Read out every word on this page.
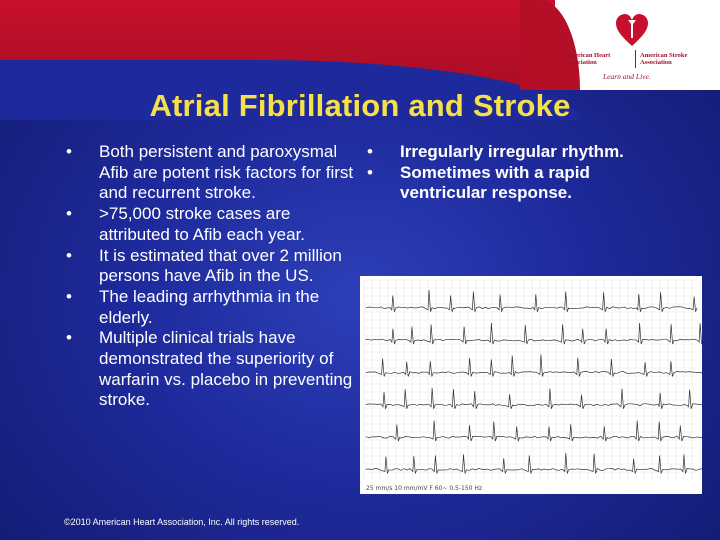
American Heart Association
American Stroke Association
Learn and Live.
Atrial Fibrillation and Stroke
• Both persistent and paroxysmal Afib are potent risk factors for first and recurrent stroke.
• >75,000 stroke cases are attributed to Afib each year.
• It is estimated that over 2 million persons have Afib in the US.
• The leading arrhythmia in the elderly.
• Multiple clinical trials have demonstrated the superiority of warfarin vs. placebo in preventing stroke.
• Irregularly irregular rhythm.
• Sometimes with a rapid ventricular response.
25 mm/s 10 mm/mV F 60~ 0.5-150 Hz
©2010 American Heart Association, Inc. All rights reserved.
